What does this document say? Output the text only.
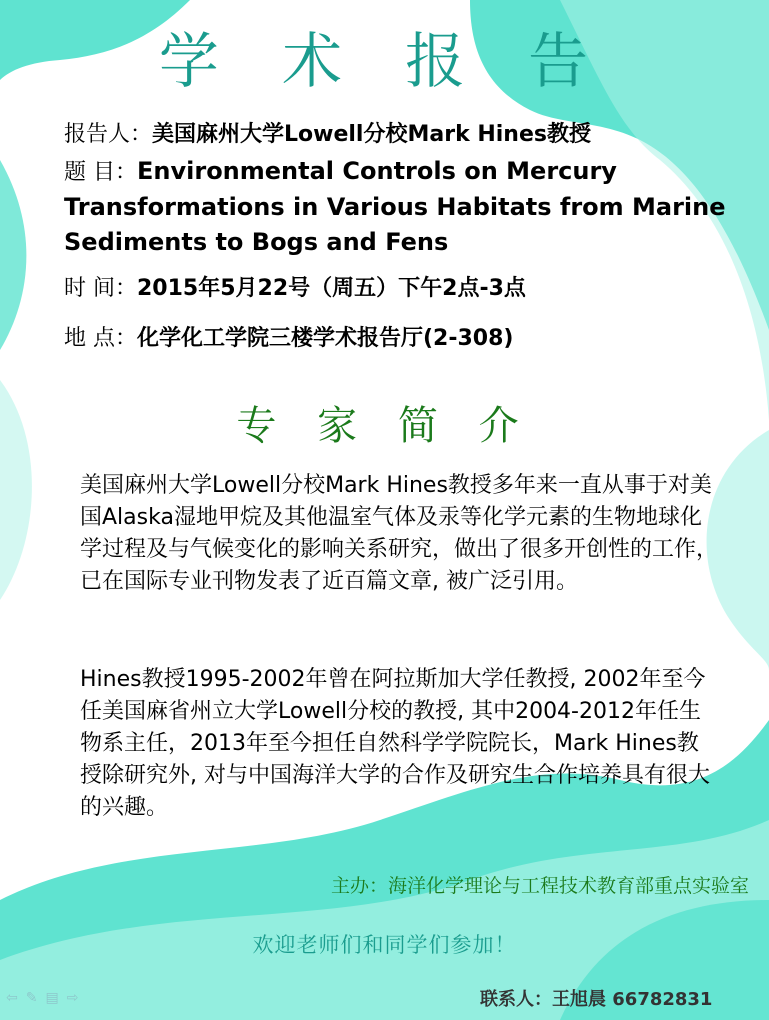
学 术 报 告
报告人：美国麻州大学Lowell分校Mark Hines教授
题 目：Environmental Controls on Mercury Transformations in Various Habitats from Marine Sediments to Bogs and Fens
时 间：2015年5月22号（周五）下午2点-3点
地 点：化学化工学院三楼学术报告厅(2-308)
专 家 简 介
美国麻州大学Lowell分校Mark Hines教授多年来一直从事于对美国Alaska湿地甲烷及其他温室气体及汞等化学元素的生物地球化学过程及与气候变化的影响关系研究，做出了很多开创性的工作，已在国际专业刊物发表了近百篇文章, 被广泛引用。
Hines教授1995-2002年曾在阿拉斯加大学任教授, 2002年至今任美国麻省州立大学Lowell分校的教授, 其中2004-2012年任生物系主任，2013年至今担任自然科学学院院长，Mark Hines教授除研究外, 对与中国海洋大学的合作及研究生合作培养具有很大的兴趣。
主办：海洋化学理论与工程技术教育部重点实验室
欢迎老师们和同学们参加！
联系人：王旭晨 66782831
⇦ ✎ ▤ ⇨
